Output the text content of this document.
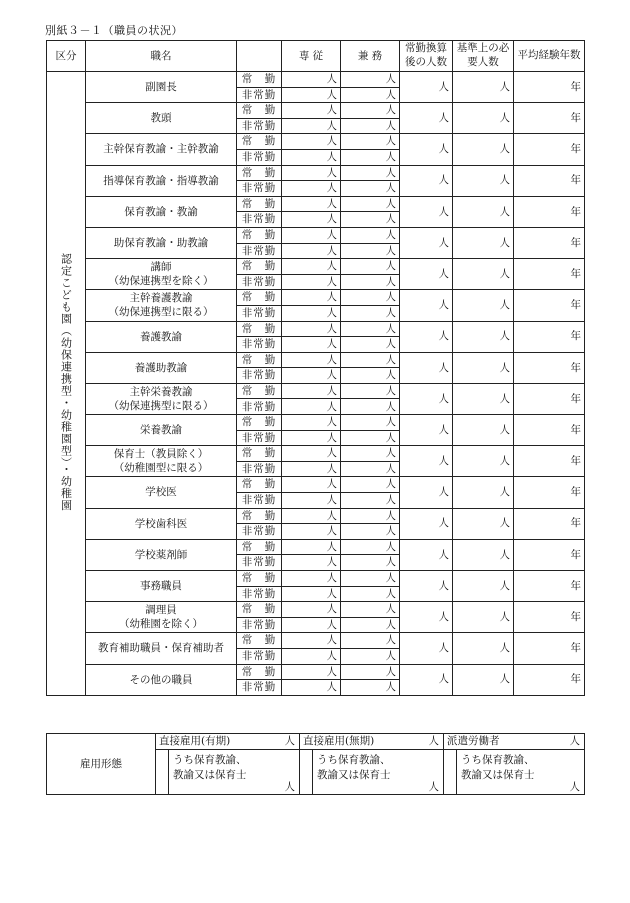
別紙３－１（職員の状況）
区分	職名		専 従	兼 務	常勤換算後の人数	基準上の必要人数	平均経験年数
認定こども園（幼保連携型・幼稚園型）・幼稚園	副園長	常　勤	人	人	人	人	年
		非常勤	人	人			
	教頭	常　勤	人	人	人	人	年
		非常勤	人	人			
	主幹保育教諭・主幹教諭	常　勤	人	人	人	人	年
		非常勤	人	人			
	指導保育教諭・指導教諭	常　勤	人	人	人	人	年
		非常勤	人	人			
	保育教諭・教諭	常　勤	人	人	人	人	年
		非常勤	人	人			
	助保育教諭・助教諭	常　勤	人	人	人	人	年
		非常勤	人	人			
	講師
（幼保連携型を除く）	常　勤	人	人	人	人	年
		非常勤	人	人			
	主幹養護教諭
（幼保連携型に限る）	常　勤	人	人	人	人	年
		非常勤	人	人			
	養護教諭	常　勤	人	人	人	人	年
		非常勤	人	人			
	養護助教諭	常　勤	人	人	人	人	年
		非常勤	人	人			
	主幹栄養教諭
（幼保連携型に限る）	常　勤	人	人	人	人	年
		非常勤	人	人			
	栄養教諭	常　勤	人	人	人	人	年
		非常勤	人	人			
	保育士（教員除く）
（幼稚園型に限る）	常　勤	人	人	人	人	年
		非常勤	人	人			
	学校医	常　勤	人	人	人	人	年
		非常勤	人	人			
	学校歯科医	常　勤	人	人	人	人	年
		非常勤	人	人			
	学校薬剤師	常　勤	人	人	人	人	年
		非常勤	人	人			
	事務職員	常　勤	人	人	人	人	年
		非常勤	人	人			
	調理員
（幼稚園を除く）	常　勤	人	人	人	人	年
		非常勤	人	人			
	教育補助職員・保育補助者	常　勤	人	人	人	人	年
		非常勤	人	人			
	その他の職員	常　勤	人	人	人	人	年
		非常勤	人	人			
雇用形態	直接雇用(有期) 人	直接雇用(無期) 人	派遣労働者 人

	うち保育教諭、
教諭又は保育士
人	うち保育教諭、
教諭又は保育士
人	うち保育教諭、
教諭又は保育士
人
